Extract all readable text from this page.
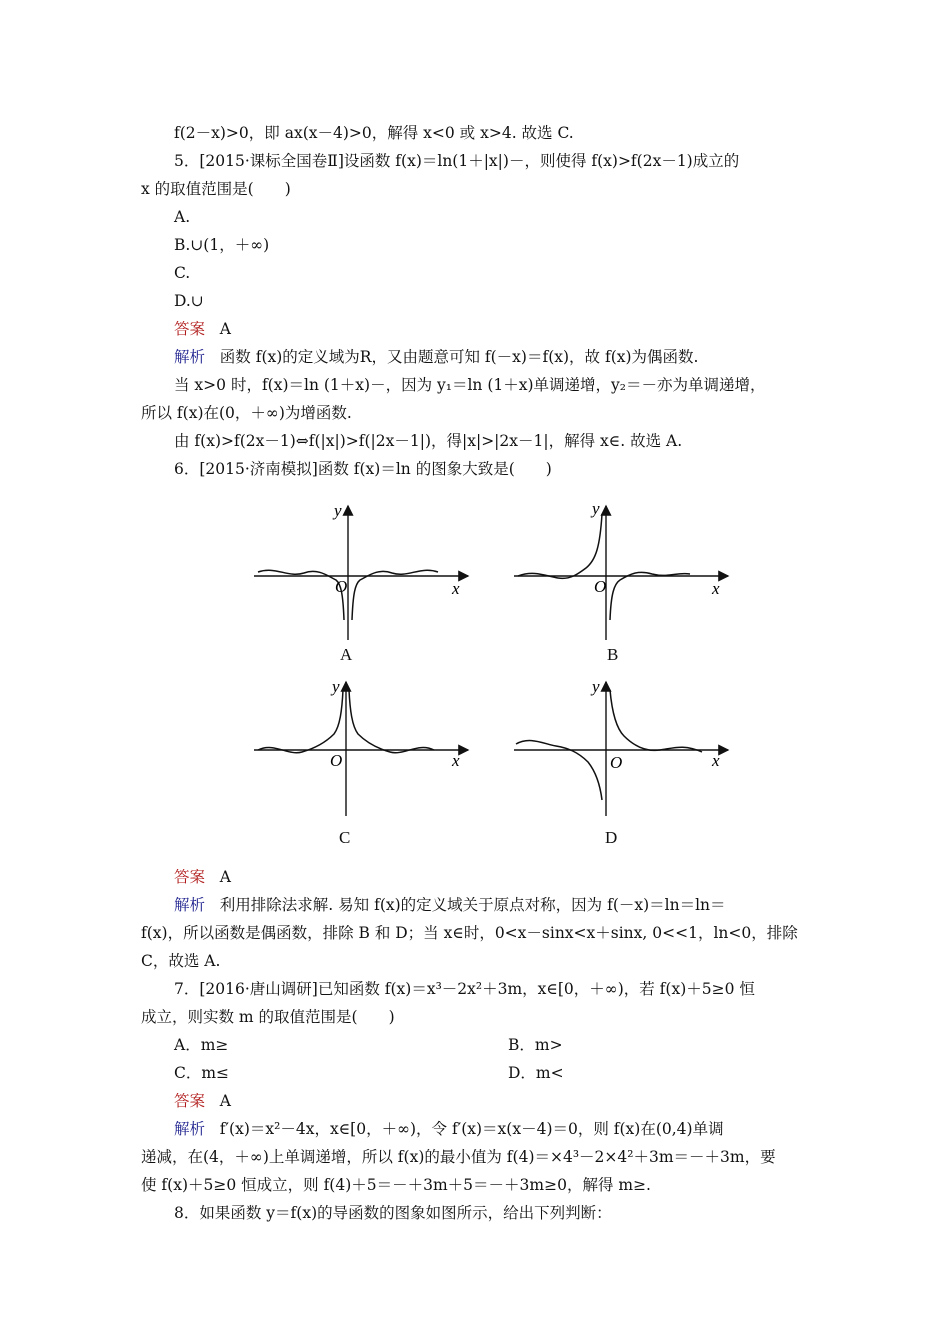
f(2－x)>0，即 ax(x－4)>0，解得 x<0 或 x>4. 故选 C.
5．[2015·课标全国卷Ⅱ]设函数 f(x)＝ln(1＋|x|)－，则使得 f(x)>f(2x－1)成立的
x 的取值范围是(　　)
A.
B.∪(1，＋∞)
C.
D.∪
答案 A
解析 函数 f(x)的定义域为R，又由题意可知 f(－x)＝f(x)，故 f(x)为偶函数.
当 x>0 时，f(x)＝ln (1＋x)－，因为 y₁＝ln (1＋x)单调递增，y₂＝－亦为单调递增，
所以 f(x)在(0，＋∞)为增函数.
由 f(x)>f(2x－1)⇔f(|x|)>f(|2x－1|)，得|x|>|2x－1|，解得 x∈. 故选 A.
6．[2015·济南模拟]函数 f(x)＝ln 的图象大致是(　　)
y
x
O
A
y
x
O
B
y
x
O
C
y
x
O
D
答案 A
解析 利用排除法求解. 易知 f(x)的定义域关于原点对称，因为 f(－x)＝ln＝ln＝
f(x)，所以函数是偶函数，排除 B 和 D；当 x∈时，0<x－sinx<x＋sinx, 0<<1，ln<0，排除
C，故选 A.
7．[2016·唐山调研]已知函数 f(x)＝x³－2x²＋3m，x∈[0，＋∞)，若 f(x)＋5≥0 恒
成立，则实数 m 的取值范围是(　　)
A．m≥	B．m>
C．m≤	D．m<
答案 A
解析 f′(x)＝x²－4x，x∈[0，＋∞)，令 f′(x)＝x(x－4)＝0，则 f(x)在(0,4)单调
递减，在(4，＋∞)上单调递增，所以 f(x)的最小值为 f(4)＝×4³－2×4²＋3m＝－＋3m，要
使 f(x)＋5≥0 恒成立，则 f(4)＋5＝－＋3m＋5＝－＋3m≥0，解得 m≥.
8．如果函数 y＝f(x)的导函数的图象如图所示，给出下列判断：
